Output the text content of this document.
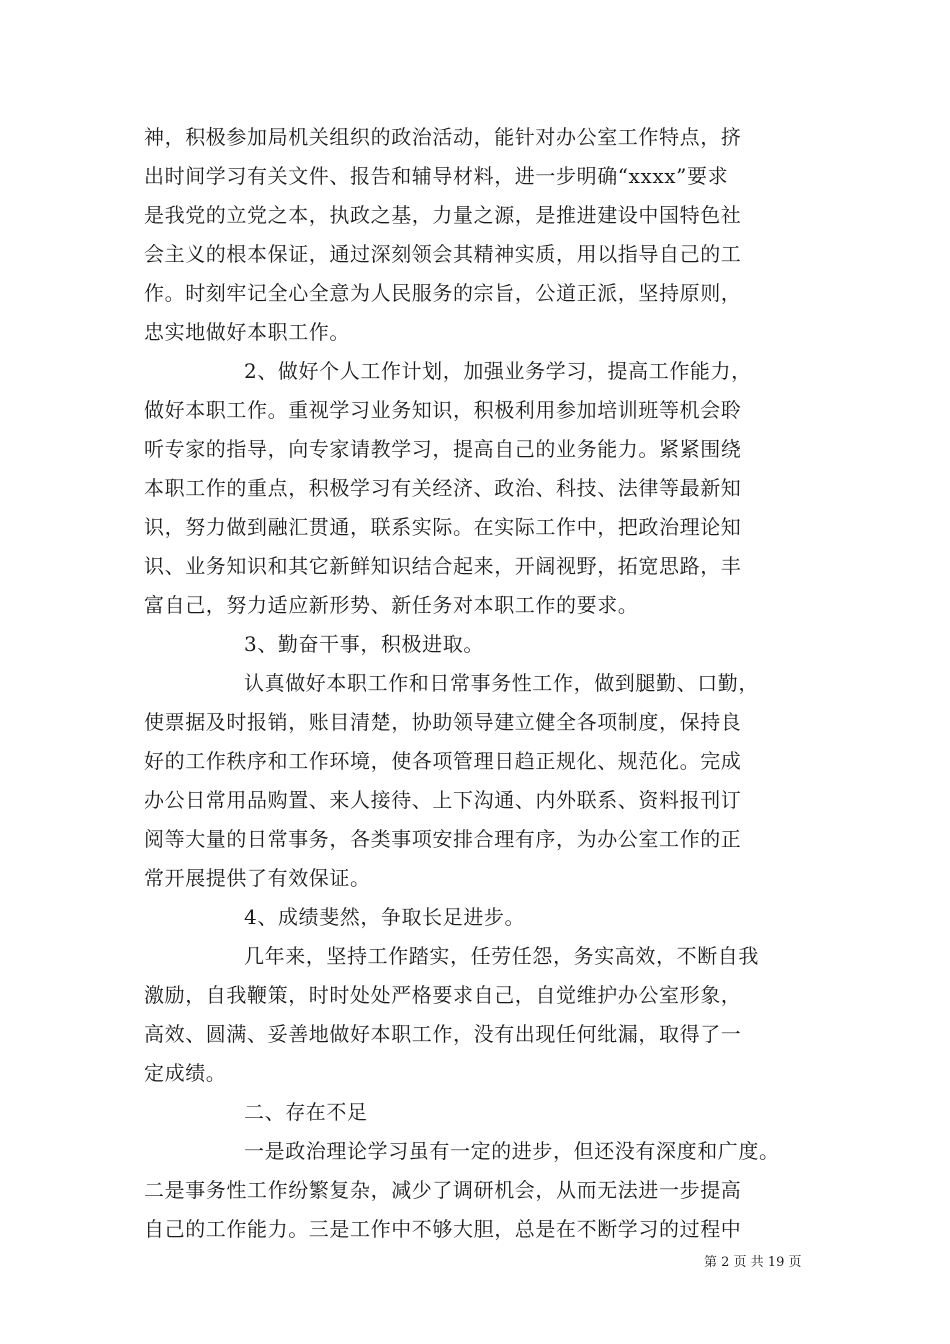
神，积极参加局机关组织的政治活动，能针对办公室工作特点，挤
出时间学习有关文件、报告和辅导材料，进一步明确“xxxx”要求
是我党的立党之本，执政之基，力量之源，是推进建设中国特色社
会主义的根本保证，通过深刻领会其精神实质，用以指导自己的工
作。时刻牢记全心全意为人民服务的宗旨，公道正派，坚持原则，
忠实地做好本职工作。
2、做好个人工作计划，加强业务学习，提高工作能力，
做好本职工作。重视学习业务知识，积极利用参加培训班等机会聆
听专家的指导，向专家请教学习，提高自己的业务能力。紧紧围绕
本职工作的重点，积极学习有关经济、政治、科技、法律等最新知
识，努力做到融汇贯通，联系实际。在实际工作中，把政治理论知
识、业务知识和其它新鲜知识结合起来，开阔视野，拓宽思路，丰
富自己，努力适应新形势、新任务对本职工作的要求。
3、勤奋干事，积极进取。
认真做好本职工作和日常事务性工作，做到腿勤、口勤，
使票据及时报销，账目清楚，协助领导建立健全各项制度，保持良
好的工作秩序和工作环境，使各项管理日趋正规化、规范化。完成
办公日常用品购置、来人接待、上下沟通、内外联系、资料报刊订
阅等大量的日常事务，各类事项安排合理有序，为办公室工作的正
常开展提供了有效保证。
4、成绩斐然，争取长足进步。
几年来，坚持工作踏实，任劳任怨，务实高效，不断自我
激励，自我鞭策，时时处处严格要求自己，自觉维护办公室形象，
高效、圆满、妥善地做好本职工作，没有出现任何纰漏，取得了一
定成绩。
二、存在不足
一是政治理论学习虽有一定的进步，但还没有深度和广度。
二是事务性工作纷繁复杂，减少了调研机会，从而无法进一步提高
自己的工作能力。三是工作中不够大胆，总是在不断学习的过程中
第 2 页 共 19 页
